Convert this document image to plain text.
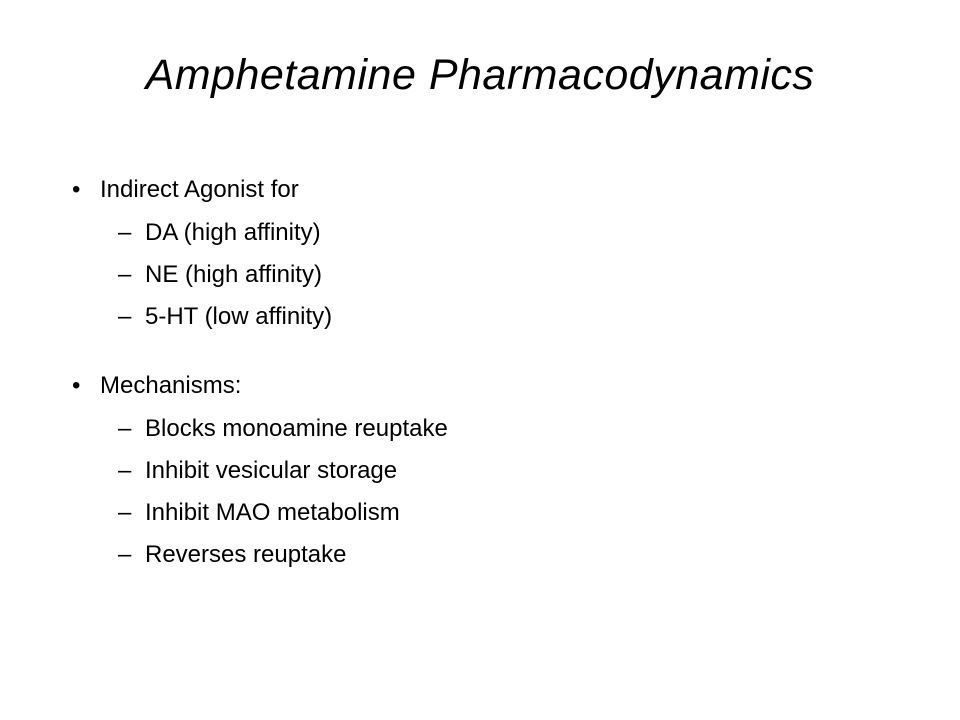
Amphetamine Pharmacodynamics
• Indirect Agonist for
– DA (high affinity)
– NE (high affinity)
– 5-HT (low affinity)
• Mechanisms:
– Blocks monoamine reuptake
– Inhibit vesicular storage
– Inhibit MAO metabolism
– Reverses reuptake
